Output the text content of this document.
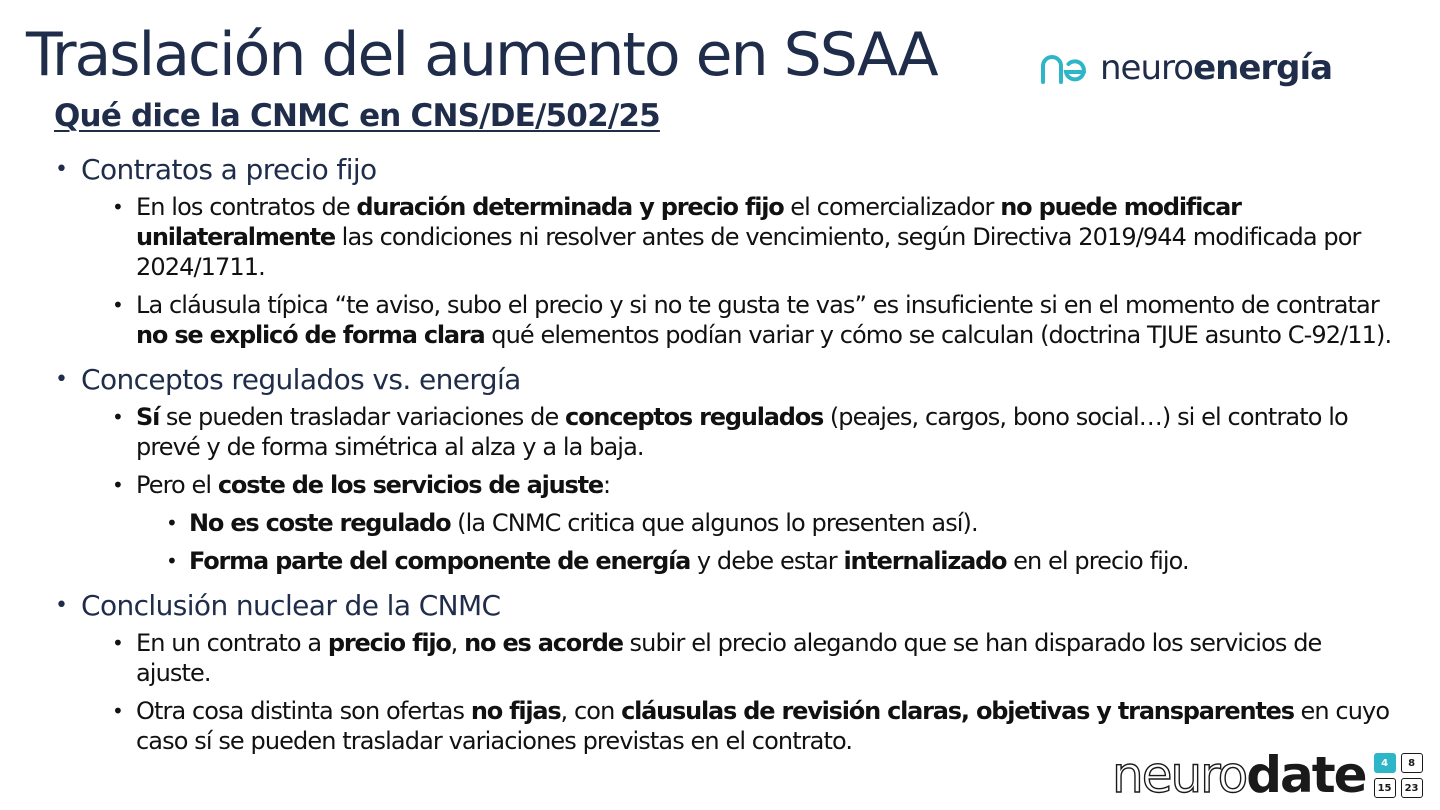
Traslación del aumento en SSAA
Qué dice la CNMC en CNS/DE/502/25
neuroenergía
• Contratos a precio fijo
• En los contratos de duración determinada y precio fijo el comercializador no puede modificar unilateralmente las condiciones ni resolver antes de vencimiento, según Directiva 2019/944 modificada por 2024/1711.
• La cláusula típica “te aviso, subo el precio y si no te gusta te vas” es insuficiente si en el momento de contratar no se explicó de forma clara qué elementos podían variar y cómo se calculan (doctrina TJUE asunto C-92/11).
• Conceptos regulados vs. energía
• Sí se pueden trasladar variaciones de conceptos regulados (peajes, cargos, bono social…) si el contrato lo prevé y de forma simétrica al alza y a la baja.
• Pero el coste de los servicios de ajuste:
• No es coste regulado (la CNMC critica que algunos lo presenten así).
• Forma parte del componente de energía y debe estar internalizado en el precio fijo.
• Conclusión nuclear de la CNMC
• En un contrato a precio fijo, no es acorde subir el precio alegando que se han disparado los servicios de ajuste.
• Otra cosa distinta son ofertas no fijas, con cláusulas de revisión claras, objetivas y transparentes en cuyo caso sí se pueden trasladar variaciones previstas en el contrato.
neurodate	4	8
15	23
